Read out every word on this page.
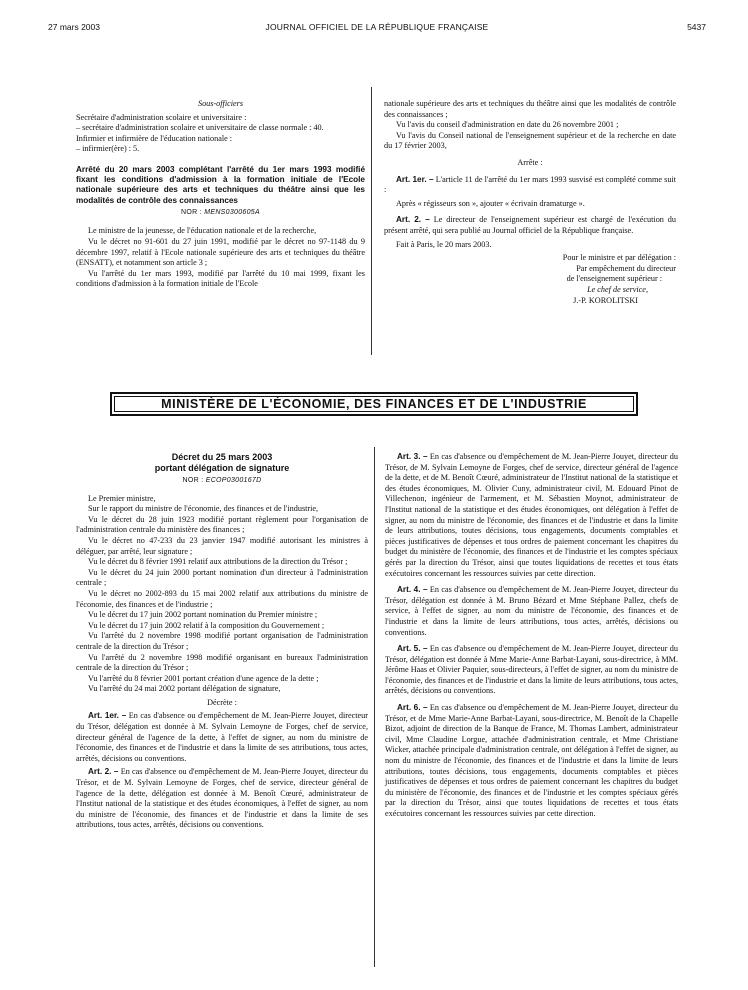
27 mars 2003	JOURNAL OFFICIEL DE LA RÉPUBLIQUE FRANÇAISE	5437

Sous-officiers

Secrétaire d'administration scolaire et universitaire :

– secrétaire d'administration scolaire et universitaire de classe normale : 40.

Infirmier et infirmière de l'éducation nationale :

– infirmier(ère) : 5.

Arrêté du 20 mars 2003 complétant l'arrêté du 1er mars 1993 modifié fixant les conditions d'admission à la formation initiale de l'Ecole nationale supérieure des arts et techniques du théâtre ainsi que les modalités de contrôle des connaissances
NOR : MENS0300605A

Le ministre de la jeunesse, de l'éducation nationale et de la recherche,

Vu le décret no 91-601 du 27 juin 1991, modifié par le décret no 97-1148 du 9 décembre 1997, relatif à l'Ecole nationale supérieure des arts et techniques du théâtre (ENSATT), et notamment son article 3 ;

Vu l'arrêté du 1er mars 1993, modifié par l'arrêté du 10 mai 1999, fixant les conditions d'admission à la formation initiale de l'Ecole

nationale supérieure des arts et techniques du théâtre ainsi que les modalités de contrôle des connaissances ;

Vu l'avis du conseil d'administration en date du 26 novembre 2001 ;

Vu l'avis du Conseil national de l'enseignement supérieur et de la recherche en date du 17 février 2003,

Arrête :

Art. 1er. – L'article 11 de l'arrêté du 1er mars 1993 susvisé est complété comme suit :

Après « régisseurs son », ajouter « écrivain dramaturge ».

Art. 2. – Le directeur de l'enseignement supérieur est chargé de l'exécution du présent arrêté, qui sera publié au Journal officiel de la République française.

Fait à Paris, le 20 mars 2003.

Pour le ministre et par délégation :

Par empêchement du directeur

de l'enseignement supérieur :

Le chef de service,

J.-P. KOROLITSKI

MINISTÈRE DE L'ÉCONOMIE, DES FINANCES ET DE L'INDUSTRIE

Décret du 25 mars 2003

portant délégation de signature

NOR : ECOP0300167D

Le Premier ministre,

Sur le rapport du ministre de l'économie, des finances et de l'industrie,

Vu le décret du 28 juin 1923 modifié portant règlement pour l'organisation de l'administration centrale du ministère des finances ;

Vu le décret no 47-233 du 23 janvier 1947 modifié autorisant les ministres à déléguer, par arrêté, leur signature ;

Vu le décret du 8 février 1991 relatif aux attributions de la direction du Trésor ;

Vu le décret du 24 juin 2000 portant nomination d'un directeur à l'administration centrale ;

Vu le décret no 2002-893 du 15 mai 2002 relatif aux attributions du ministre de l'économie, des finances et de l'industrie ;

Vu le décret du 17 juin 2002 portant nomination du Premier ministre ;

Vu le décret du 17 juin 2002 relatif à la composition du Gouvernement ;

Vu l'arrêté du 2 novembre 1998 modifié portant organisation de l'administration centrale de la direction du Trésor ;

Vu l'arrêté du 2 novembre 1998 modifié organisant en bureaux l'administration centrale de la direction du Trésor ;

Vu l'arrêté du 8 février 2001 portant création d'une agence de la dette ;

Vu l'arrêté du 24 mai 2002 portant délégation de signature,

Décrète :

Art. 1er. – En cas d'absence ou d'empêchement de M. Jean-Pierre Jouyet, directeur du Trésor, délégation est donnée à M. Sylvain Lemoyne de Forges, chef de service, directeur général de l'agence de la dette, à l'effet de signer, au nom du ministre de l'économie, des finances et de l'industrie et dans la limite de ses attributions, tous actes, arrêtés, décisions ou conventions.

Art. 2. – En cas d'absence ou d'empêchement de M. Jean-Pierre Jouyet, directeur du Trésor, et de M. Sylvain Lemoyne de Forges, chef de service, directeur général de l'agence de la dette, délégation est donnée à M. Benoît Cœuré, administrateur de l'Institut national de la statistique et des études économiques, à l'effet de signer, au nom du ministre de l'économie, des finances et de l'industrie et dans la limite de ses attributions, tous actes, arrêtés, décisions ou conventions.

Art. 3. – En cas d'absence ou d'empêchement de M. Jean-Pierre Jouyet, directeur du Trésor, de M. Sylvain Lemoyne de Forges, chef de service, directeur général de l'agence de la dette, et de M. Benoît Cœuré, administrateur de l'Institut national de la statistique et des études économiques, M. Olivier Cuny, administrateur civil, M. Edouard Pinot de Villechenon, ingénieur de l'armement, et M. Sébastien Moynot, administrateur de l'Institut national de la statistique et des études économiques, ont délégation à l'effet de signer, au nom du ministre de l'économie, des finances et de l'industrie et dans la limite de leurs attributions, toutes décisions, tous engagements, documents comptables et pièces justificatives de dépenses et tous ordres de paiement concernant les chapitres du budget du ministère de l'économie, des finances et de l'industrie et les comptes spéciaux gérés par la direction du Trésor, ainsi que toutes liquidations de recettes et tous états exécutoires concernant les ressources suivies par cette direction.

Art. 4. – En cas d'absence ou d'empêchement de M. Jean-Pierre Jouyet, directeur du Trésor, délégation est donnée à M. Bruno Bézard et Mme Stéphane Pallez, chefs de service, à l'effet de signer, au nom du ministre de l'économie, des finances et de l'industrie et dans la limite de leurs attributions, tous actes, arrêtés, décisions ou conventions.

Art. 5. – En cas d'absence ou d'empêchement de M. Jean-Pierre Jouyet, directeur du Trésor, délégation est donnée à Mme Marie-Anne Barbat-Layani, sous-directrice, à MM. Jérôme Haas et Olivier Paquier, sous-directeurs, à l'effet de signer, au nom du ministre de l'économie, des finances et de l'industrie et dans la limite de leurs attributions, tous actes, arrêtés, décisions ou conventions.

Art. 6. – En cas d'absence ou d'empêchement de M. Jean-Pierre Jouyet, directeur du Trésor, et de Mme Marie-Anne Barbat-Layani, sous-directrice, M. Benoît de la Chapelle Bizot, adjoint de direction de la Banque de France, M. Thomas Lambert, administrateur civil, Mme Claudine Lorgue, attachée d'administration centrale, et Mme Christiane Wicker, attachée principale d'administration centrale, ont délégation à l'effet de signer, au nom du ministre de l'économie, des finances et de l'industrie et dans la limite de leurs attributions, toutes décisions, tous engagements, documents comptables et pièces justificatives de dépenses et tous ordres de paiement concernant les chapitres du budget du ministère de l'économie, des finances et de l'industrie et les comptes spéciaux gérés par la direction du Trésor, ainsi que toutes liquidations de recettes et tous états exécutoires concernant les ressources suivies par cette direction.
